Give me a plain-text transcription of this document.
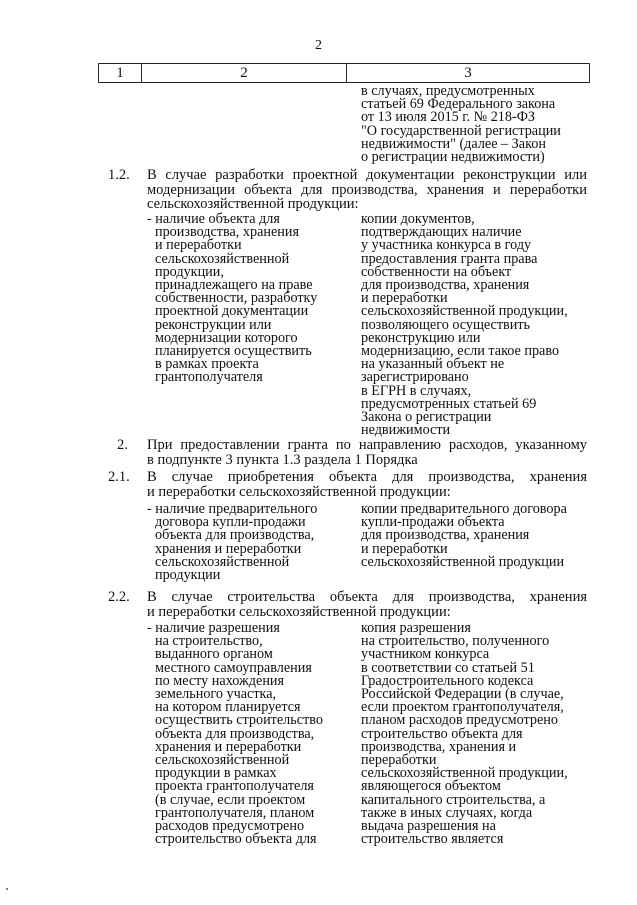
2
1	2	3
в случаях, предусмотренных
статьей 69 Федерального закона
от 13 июля 2015 г. № 218-ФЗ
"О государственной регистрации
недвижимости" (далее – Закон
о регистрации недвижимости)
1.2. В случае разработки проектной документации реконструкции или
модернизации объекта для производства, хранения и переработки
сельскохозяйственной продукции:
- наличие объекта для
производства, хранения
и переработки
сельскохозяйственной
продукции,
принадлежащего на праве
собственности, разработку
проектной документации
реконструкции или
модернизации которого
планируется осуществить
в рамках проекта
грантополучателя
копии документов,
подтверждающих наличие
у участника конкурса в году
предоставления гранта права
собственности на объект
для производства, хранения
и переработки
сельскохозяйственной продукции,
позволяющего осуществить
реконструкцию или
модернизацию, если такое право
на указанный объект не
зарегистрировано
в ЕГРН в случаях,
предусмотренных статьей 69
Закона о регистрации
недвижимости
2. При предоставлении гранта по направлению расходов, указанному
в подпункте 3 пункта 1.3 раздела 1 Порядка
2.1. В случае приобретения объекта для производства, хранения
и переработки сельскохозяйственной продукции:
- наличие предварительного
договора купли-продажи
объекта для производства,
хранения и переработки
сельскохозяйственной
продукции
копии предварительного договора
купли-продажи объекта
для производства, хранения
и переработки
сельскохозяйственной продукции
2.2. В случае строительства объекта для производства, хранения
и переработки сельскохозяйственной продукции:
- наличие разрешения
на строительство,
выданного органом
местного самоуправления
по месту нахождения
земельного участка,
на котором планируется
осуществить строительство
объекта для производства,
хранения и переработки
сельскохозяйственной
продукции в рамках
проекта грантополучателя
(в случае, если проектом
грантополучателя, планом
расходов предусмотрено
строительство объекта для
копия разрешения
на строительство, полученного
участником конкурса
в соответствии со статьей 51
Градостроительного кодекса
Российской Федерации (в случае,
если проектом грантополучателя,
планом расходов предусмотрено
строительство объекта для
производства, хранения и
переработки
сельскохозяйственной продукции,
являющегося объектом
капитального строительства, а
также в иных случаях, когда
выдача разрешения на
строительство является
